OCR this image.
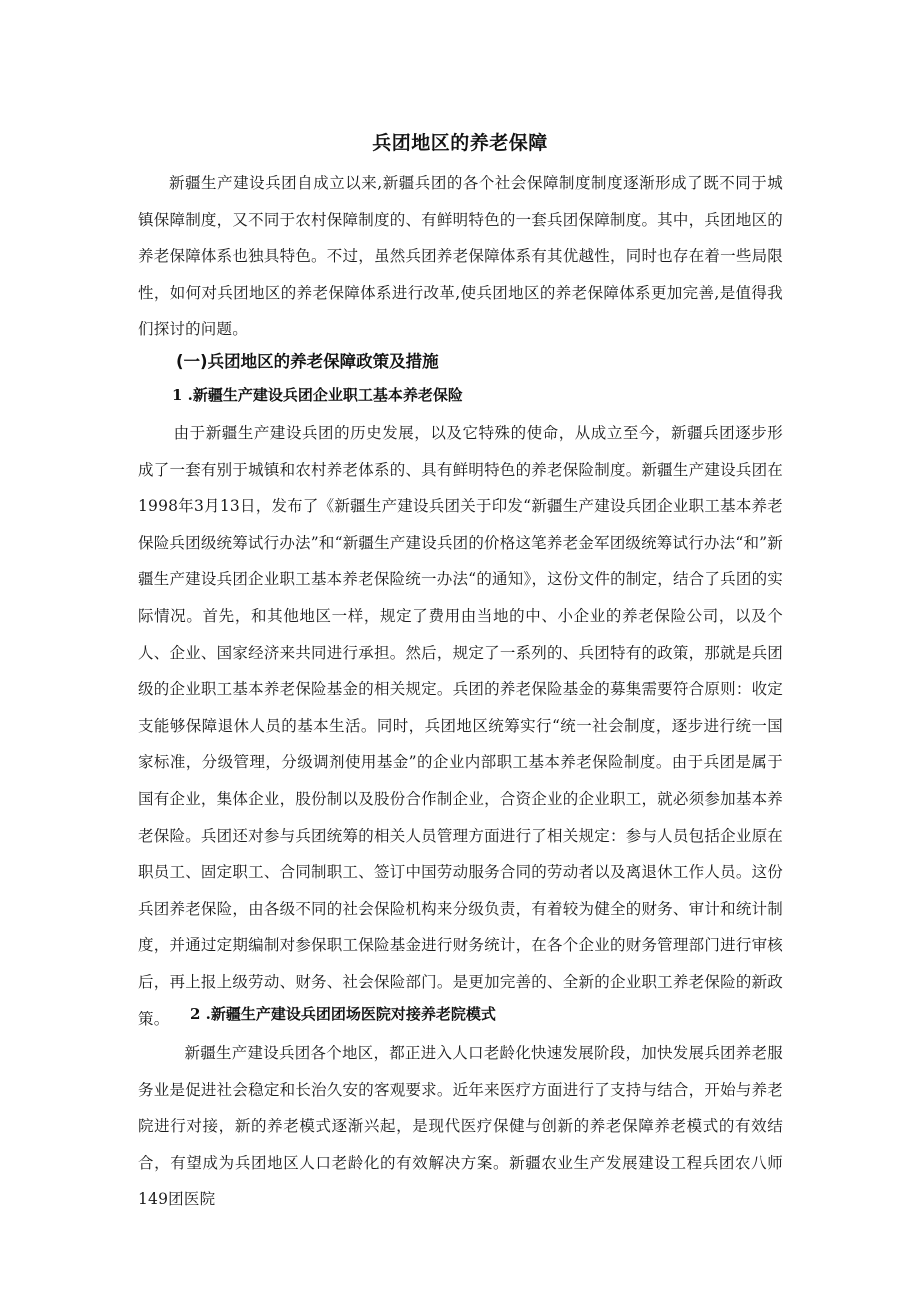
兵团地区的养老保障

新疆生产建设兵团自成立以来,新疆兵团的各个社会保障制度制度逐渐形成了既不同于城镇保障制度，又不同于农村保障制度的、有鲜明特色的一套兵团保障制度。其中，兵团地区的养老保障体系也独具特色。不过，虽然兵团养老保障体系有其优越性，同时也存在着一些局限性，如何对兵团地区的养老保障体系进行改革,使兵团地区的养老保障体系更加完善,是值得我们探讨的问题。

(一)兵团地区的养老保障政策及措施
1 .新疆生产建设兵团企业职工基本养老保险

由于新疆生产建设兵团的历史发展，以及它特殊的使命，从成立至今，新疆兵团逐步形成了一套有别于城镇和农村养老体系的、具有鲜明特色的养老保险制度。新疆生产建设兵团在1998年3月13日，发布了《新疆生产建设兵团关于印发“新疆生产建设兵团企业职工基本养老保险兵团级统筹试行办法”和“新疆生产建设兵团的价格这笔养老金军团级统筹试行办法“和”新疆生产建设兵团企业职工基本养老保险统一办法“的通知》，这份文件的制定，结合了兵团的实际情况。首先，和其他地区一样，规定了费用由当地的中、小企业的养老保险公司，以及个人、企业、国家经济来共同进行承担。然后，规定了一系列的、兵团特有的政策，那就是兵团级的企业职工基本养老保险基金的相关规定。兵团的养老保险基金的募集需要符合原则：收定支能够保障退休人员的基本生活。同时，兵团地区统筹实行“统一社会制度，逐步进行统一国家标准，分级管理，分级调剂使用基金”的企业内部职工基本养老保险制度。由于兵团是属于国有企业，集体企业，股份制以及股份合作制企业，合资企业的企业职工，就必须参加基本养老保险。兵团还对参与兵团统筹的相关人员管理方面进行了相关规定：参与人员包括企业原在职员工、固定职工、合同制职工、签订中国劳动服务合同的劳动者以及离退休工作人员。这份兵团养老保险，由各级不同的社会保险机构来分级负责，有着较为健全的财务、审计和统计制度，并通过定期编制对参保职工保险基金进行财务统计，在各个企业的财务管理部门进行审核后，再上报上级劳动、财务、社会保险部门。是更加完善的、全新的企业职工养老保险的新政策。	2 .新疆生产建设兵团团场医院对接养老院模式

新疆生产建设兵团各个地区，都正进入人口老龄化快速发展阶段，加快发展兵团养老服务业是促进社会稳定和长治久安的客观要求。近年来医疗方面进行了支持与结合，开始与养老院进行对接，新的养老模式逐渐兴起，是现代医疗保健与创新的养老保障养老模式的有效结合，有望成为兵团地区人口老龄化的有效解决方案。新疆农业生产发展建设工程兵团农八师149团医院
